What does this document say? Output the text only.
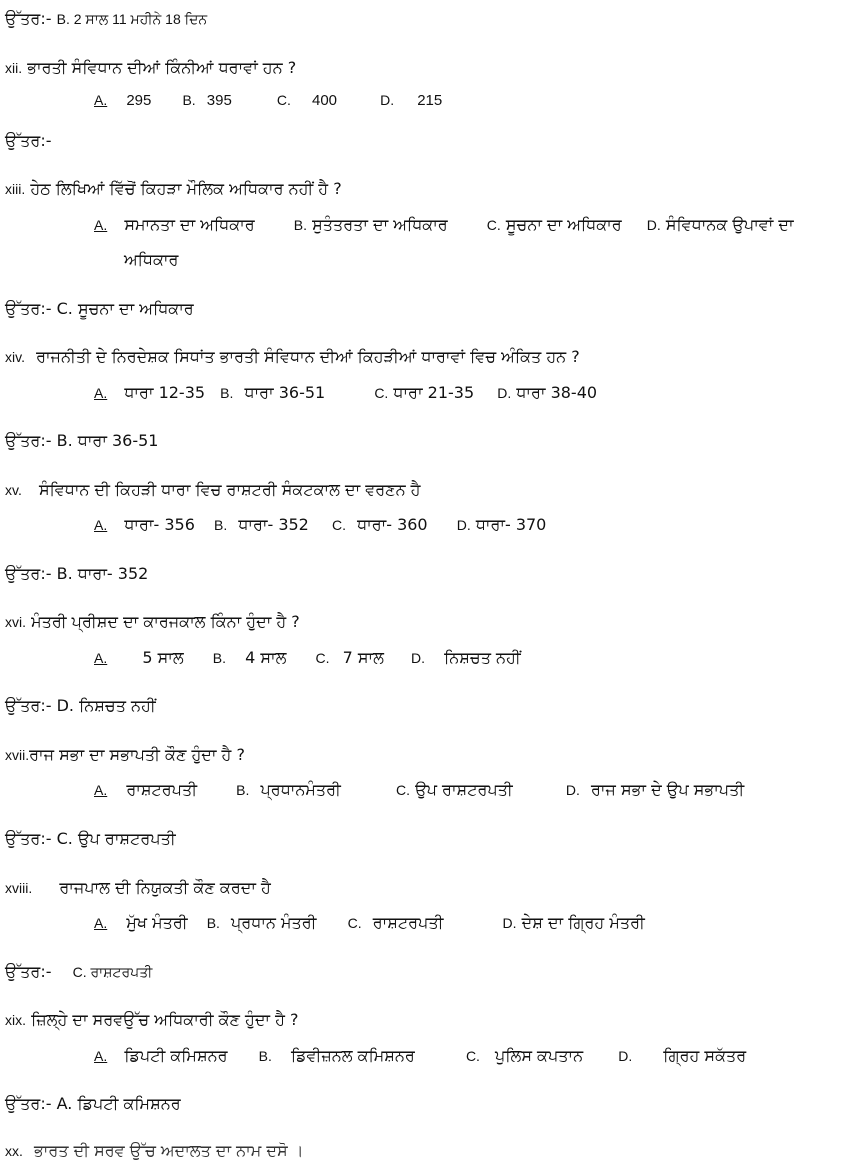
ਉੱਤਰ:- B. 2 ਸਾਲ 11 ਮਹੀਨੇ 18 ਦਿਨ
xii. ਭਾਰਤੀ ਸੰਵਿਧਾਨ ਦੀਆਂ ਕਿੰਨੀਆਂ ਧਰਾਵਾਂ ਹਨ ?
A. 295 B. 395	C. 400	D. 215
ਉੱਤਰ:-
xiii. ਹੇਠ ਲਿਖਿਆਂ ਵਿੱਚੋਂ ਕਿਹੜਾ ਮੌਲਿਕ ਅਧਿਕਾਰ ਨਹੀਂ ਹੈ ?
A. ਸਮਾਨਤਾ ਦਾ ਅਧਿਕਾਰ	B. ਸੁਤੰਤਰਤਾ ਦਾ ਅਧਿਕਾਰ	C. ਸੂਚਨਾ ਦਾ ਅਧਿਕਾਰ D. ਸੰਵਿਧਾਨਕ ਉਪਾਵਾਂ ਦਾ
ਅਧਿਕਾਰ
ਉੱਤਰ:- C. ਸੂਚਨਾ ਦਾ ਅਧਿਕਾਰ
xiv. ਰਾਜਨੀਤੀ ਦੇ ਨਿਰਦੇਸ਼ਕ ਸਿਧਾਂਤ ਭਾਰਤੀ ਸੰਵਿਧਾਨ ਦੀਆਂ ਕਿਹੜੀਆਂ ਧਾਰਾਵਾਂ ਵਿਚ ਅੰਕਿਤ ਹਨ ?
A. ਧਾਰਾ 12-35 B. ਧਾਰਾ 36-51	C. ਧਾਰਾ 21-35 D. ਧਾਰਾ 38-40
ਉੱਤਰ:- B. ਧਾਰਾ 36-51
xv. ਸੰਵਿਧਾਨ ਦੀ ਕਿਹੜੀ ਧਾਰਾ ਵਿਚ ਰਾਸ਼ਟਰੀ ਸੰਕਟਕਾਲ ਦਾ ਵਰਣਨ ਹੈ
A. ਧਾਰਾ- 356 B. ਧਾਰਾ- 352 C. ਧਾਰਾ- 360 D. ਧਾਰਾ- 370
ਉੱਤਰ:- B. ਧਾਰਾ- 352
xvi. ਮੰਤਰੀ ਪ੍ਰੀਸ਼ਦ ਦਾ ਕਾਰਜਕਾਲ ਕਿੰਨਾ ਹੁੰਦਾ ਹੈ ?
A. 5 ਸਾਲ B. 4 ਸਾਲ C. 7 ਸਾਲ D. ਨਿਸ਼ਚਤ ਨਹੀਂ
ਉੱਤਰ:- D. ਨਿਸ਼ਚਤ ਨਹੀਂ
xvii.ਰਾਜ ਸਭਾ ਦਾ ਸਭਾਪਤੀ ਕੌਣ ਹੁੰਦਾ ਹੈ ?
A. ਰਾਸ਼ਟਰਪਤੀ	B. ਪ੍ਰਧਾਨਮੰਤਰੀ	C. ਉਪ ਰਾਸ਼ਟਰਪਤੀ	D. ਰਾਜ ਸਭਾ ਦੇ ਉਪ ਸਭਾਪਤੀ
ਉੱਤਰ:- C. ਉਪ ਰਾਸ਼ਟਰਪਤੀ
xviii. ਰਾਜਪਾਲ ਦੀ ਨਿਯੁਕਤੀ ਕੌਣ ਕਰਦਾ ਹੈ
A. ਮੁੱਖ ਮੰਤਰੀ B. ਪ੍ਰਧਾਨ ਮੰਤਰੀ C. ਰਾਸ਼ਟਰਪਤੀ	D. ਦੇਸ਼ ਦਾ ਗ੍ਰਿਹ ਮੰਤਰੀ
ਉੱਤਰ:- C. ਰਾਸ਼ਟਰਪਤੀ
xix. ਜ਼ਿਲ੍ਹੇ ਦਾ ਸਰਵਉੱਚ ਅਧਿਕਾਰੀ ਕੌਣ ਹੁੰਦਾ ਹੈ ?
A. ਡਿਪਟੀ ਕਮਿਸ਼ਨਰ B. ਡਿਵੀਜ਼ਨਲ ਕਮਿਸ਼ਨਰ	C. ਪੁਲਿਸ ਕਪਤਾਨ	D. ਗ੍ਰਿਹ ਸਕੱਤਰ
ਉੱਤਰ:- A. ਡਿਪਟੀ ਕਮਿਸ਼ਨਰ
xx. ਭਾਰਤ ਦੀ ਸਰਵ ਉੱਚ ਅਦਾਲਤ ਦਾ ਨਾਮ ਦਸੋ ।
